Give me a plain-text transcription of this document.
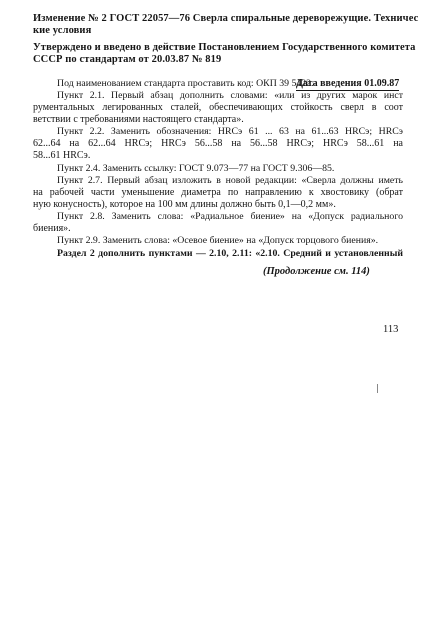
Изменение № 2 ГОСТ 22057—76 Сверла спиральные дереворежущие. Техничес
кие условия
Утверждено и введено в действие Постановлением Государственного комитета
СССР по стандартам от 20.03.87 № 819
Дата введения 01.09.87
Под наименованием стандарта проставить код: ОКП 39 5422.
Пункт 2.1. Первый абзац дополнить словами: «или из других марок инст
рументальных легированных сталей, обеспечивающих стойкость сверл в соот
ветствии с требованиями настоящего стандарта».
Пункт 2.2. Заменить обозначения: HRCэ 61 ... 63 на 61...63 HRCэ; HRCэ
62...64 на 62...64 HRCэ; HRCэ 56...58 на 56...58 HRCэ; HRCэ 58...61 на
58...61 HRCэ.
Пункт 2.4. Заменить ссылку: ГОСТ 9.073—77 на ГОСТ 9.306—85.
Пункт 2.7. Первый абзац изложить в новой редакции: «Сверла должны иметь
на рабочей части уменьшение диаметра по направлению к хвостовику (обрат
ную конусность), которое на 100 мм длины должно быть 0,1—0,2 мм».
Пункт 2.8. Заменить слова: «Радиальное биение» на «Допуск радиального
биения».
Пункт 2.9. Заменить слова: «Осевое биение» на «Допуск торцового биения».
Раздел 2 дополнить пунктами — 2.10, 2.11: «2.10. Средний и установленный
(Продолжение см. 114)
113
